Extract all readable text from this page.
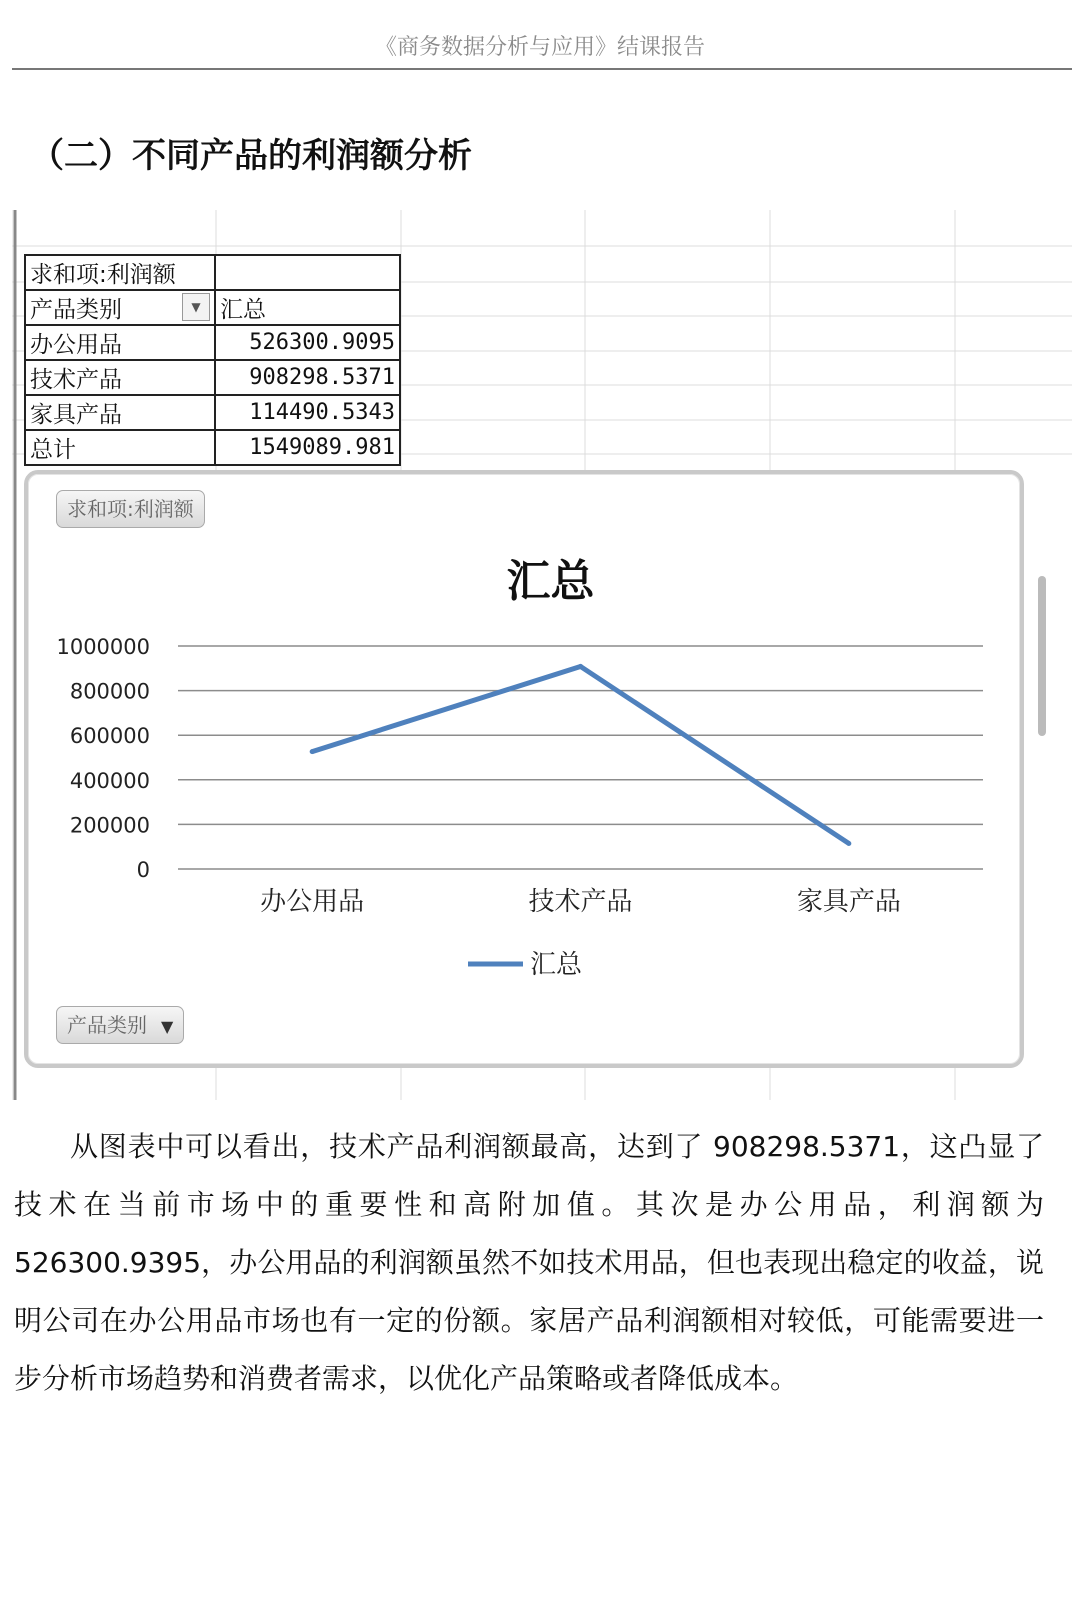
《商务数据分析与应用》结课报告
（二）不同产品的利润额分析
求和项:利润额	
产品类别 ▼	汇总
办公用品	526300.9095
技术产品	908298.5371
家具产品	114490.5343
总计	1549089.981
汇总
0
200000
400000
600000
800000
1000000
办公用品	技术产品	家具产品
汇总
求和项:利润额
产品类别 ▼
从图表中可以看出，技术产品利润额最高，达到了 908298.5371，这凸显了技术在当前市场中的重要性和高附加值。其次是办公用品，利润额为 526300.9395，办公用品的利润额虽然不如技术用品，但也表现出稳定的收益，说明公司在办公用品市场也有一定的份额。家居产品利润额相对较低，可能需要进一步分析市场趋势和消费者需求，以优化产品策略或者降低成本。
